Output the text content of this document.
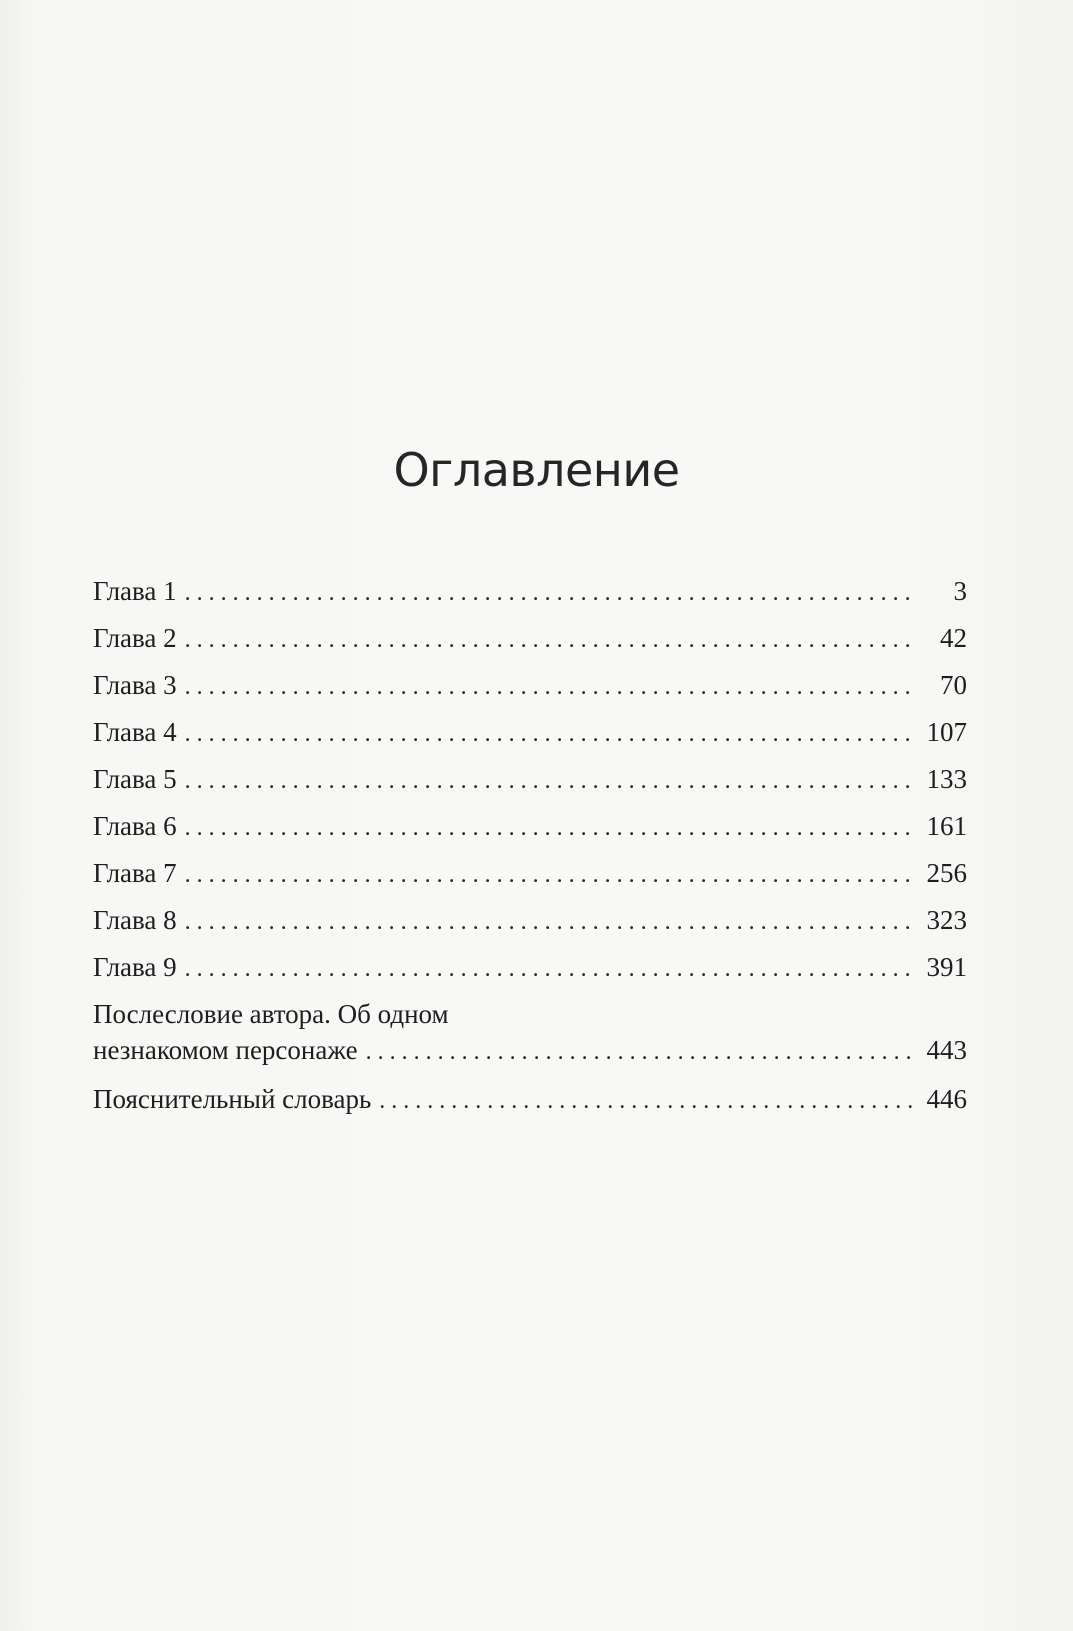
Оглавление
Глава 1 . . .	3
Глава 2 . . .	42
Глава 3 . . .	70
Глава 4 . . .	107
Глава 5 . . .	133
Глава 6 . . .	161
Глава 7 . . .	256
Глава 8 . . .	323
Глава 9 . . .	391
Послесловие автора. Об одном
незнакомом персонаже . . .	443
Пояснительный словарь . . .	446
